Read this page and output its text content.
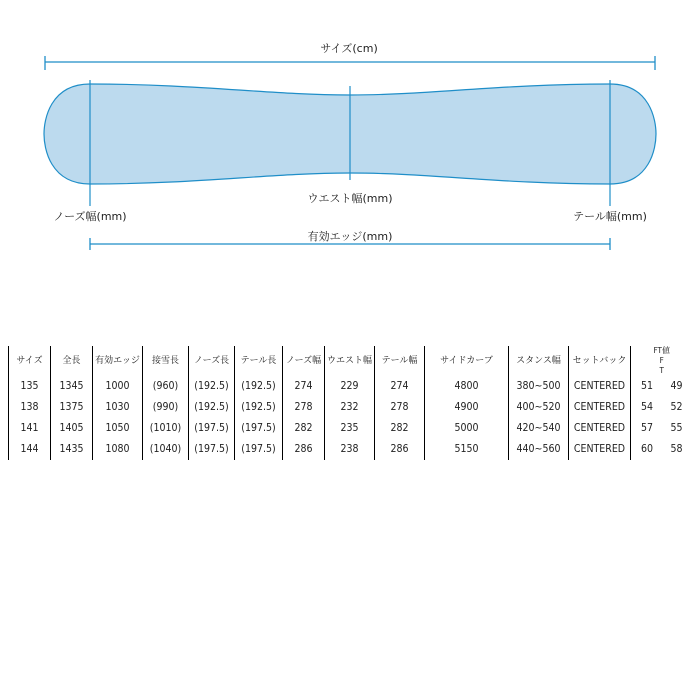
サイズ(cm)
ウエスト幅(mm)
ノーズ幅(mm)	テール幅(mm)
有効エッジ(mm)
サイズ	全長	有効エッジ	接雪長	ノーズ長	テール長	ノーズ幅	ウエスト幅	テール幅	サイドカーブ	スタンス幅	セットバック	FT値
F
T

135	1345	1000	(960)	(192.5)	(192.5)	274	229	274	4800	380~500	CENTERED	51 49
138	1375	1030	(990)	(192.5)	(192.5)	278	232	278	4900	400~520	CENTERED	54 52
141	1405	1050	(1010)	(197.5)	(197.5)	282	235	282	5000	420~540	CENTERED	57 55
144	1435	1080	(1040)	(197.5)	(197.5)	286	238	286	5150	440~560	CENTERED	60 58
